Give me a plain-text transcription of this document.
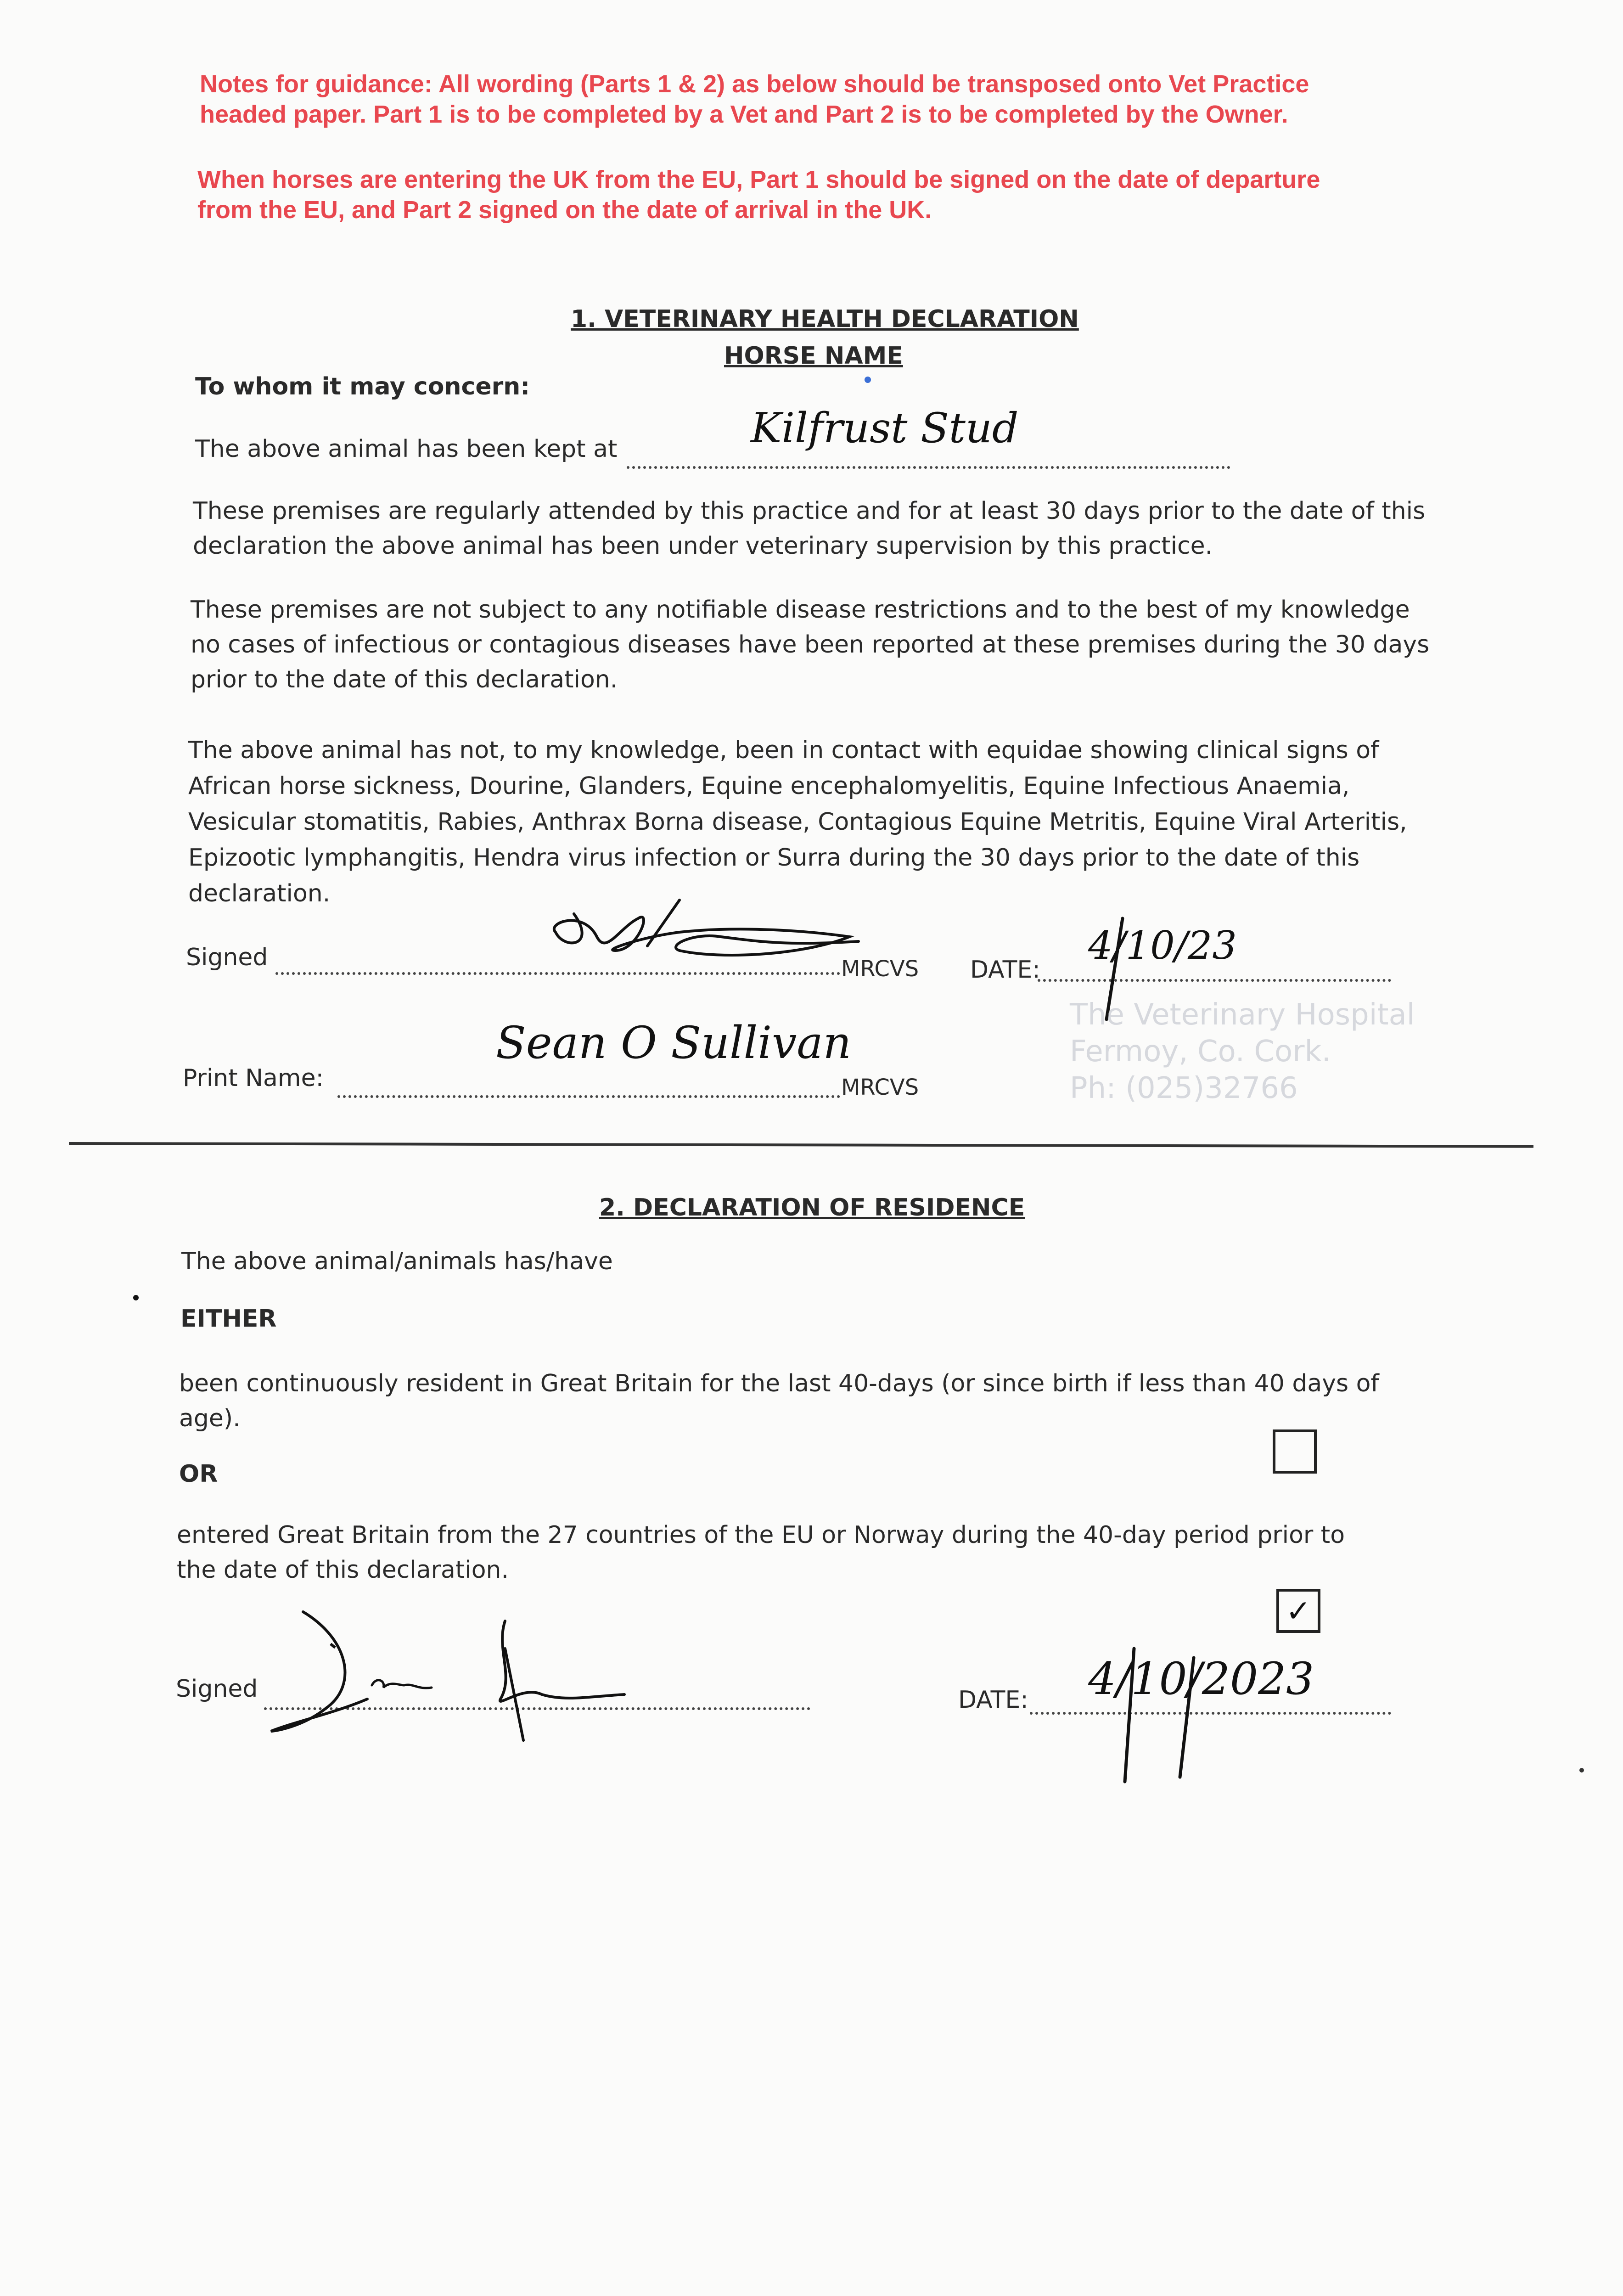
Notes for guidance: All wording (Parts 1 & 2) as below should be transposed onto Vet Practice
headed paper. Part 1 is to be completed by a Vet and Part 2 is to be completed by the Owner.
When horses are entering the UK from the EU, Part 1 should be signed on the date of departure
from the EU, and Part 2 signed on the date of arrival in the UK.
1. VETERINARY HEALTH DECLARATION
HORSE NAME
To whom it may concern:
The above animal has been kept at	Kilfrust Stud
These premises are regularly attended by this practice and for at least 30 days prior to the date of this
declaration the above animal has been under veterinary supervision by this practice.
These premises are not subject to any notifiable disease restrictions and to the best of my knowledge
no cases of infectious or contagious diseases have been reported at these premises during the 30 days
prior to the date of this declaration.
The above animal has not, to my knowledge, been in contact with equidae showing clinical signs of
African horse sickness, Dourine, Glanders, Equine encephalomyelitis, Equine Infectious Anaemia,
Vesicular stomatitis, Rabies, Anthrax Borna disease, Contagious Equine Metritis, Equine Viral Arteritis,
Epizootic lymphangitis, Hendra virus infection or Surra during the 30 days prior to the date of this
declaration.
Signed	MRCVS DATE:
4/10/23
Print Name:
Sean O Sullivan
MRCVS
The Veterinary Hospital
Fermoy, Co. Cork.
Ph: (025)32766
2. DECLARATION OF RESIDENCE
The above animal/animals has/have
EITHER
been continuously resident in Great Britain for the last 40-days (or since birth if less than 40 days of
age).
OR
entered Great Britain from the 27 countries of the EU or Norway during the 40-day period prior to
the date of this declaration.
✓
Signed	DATE: 4/10/2023
